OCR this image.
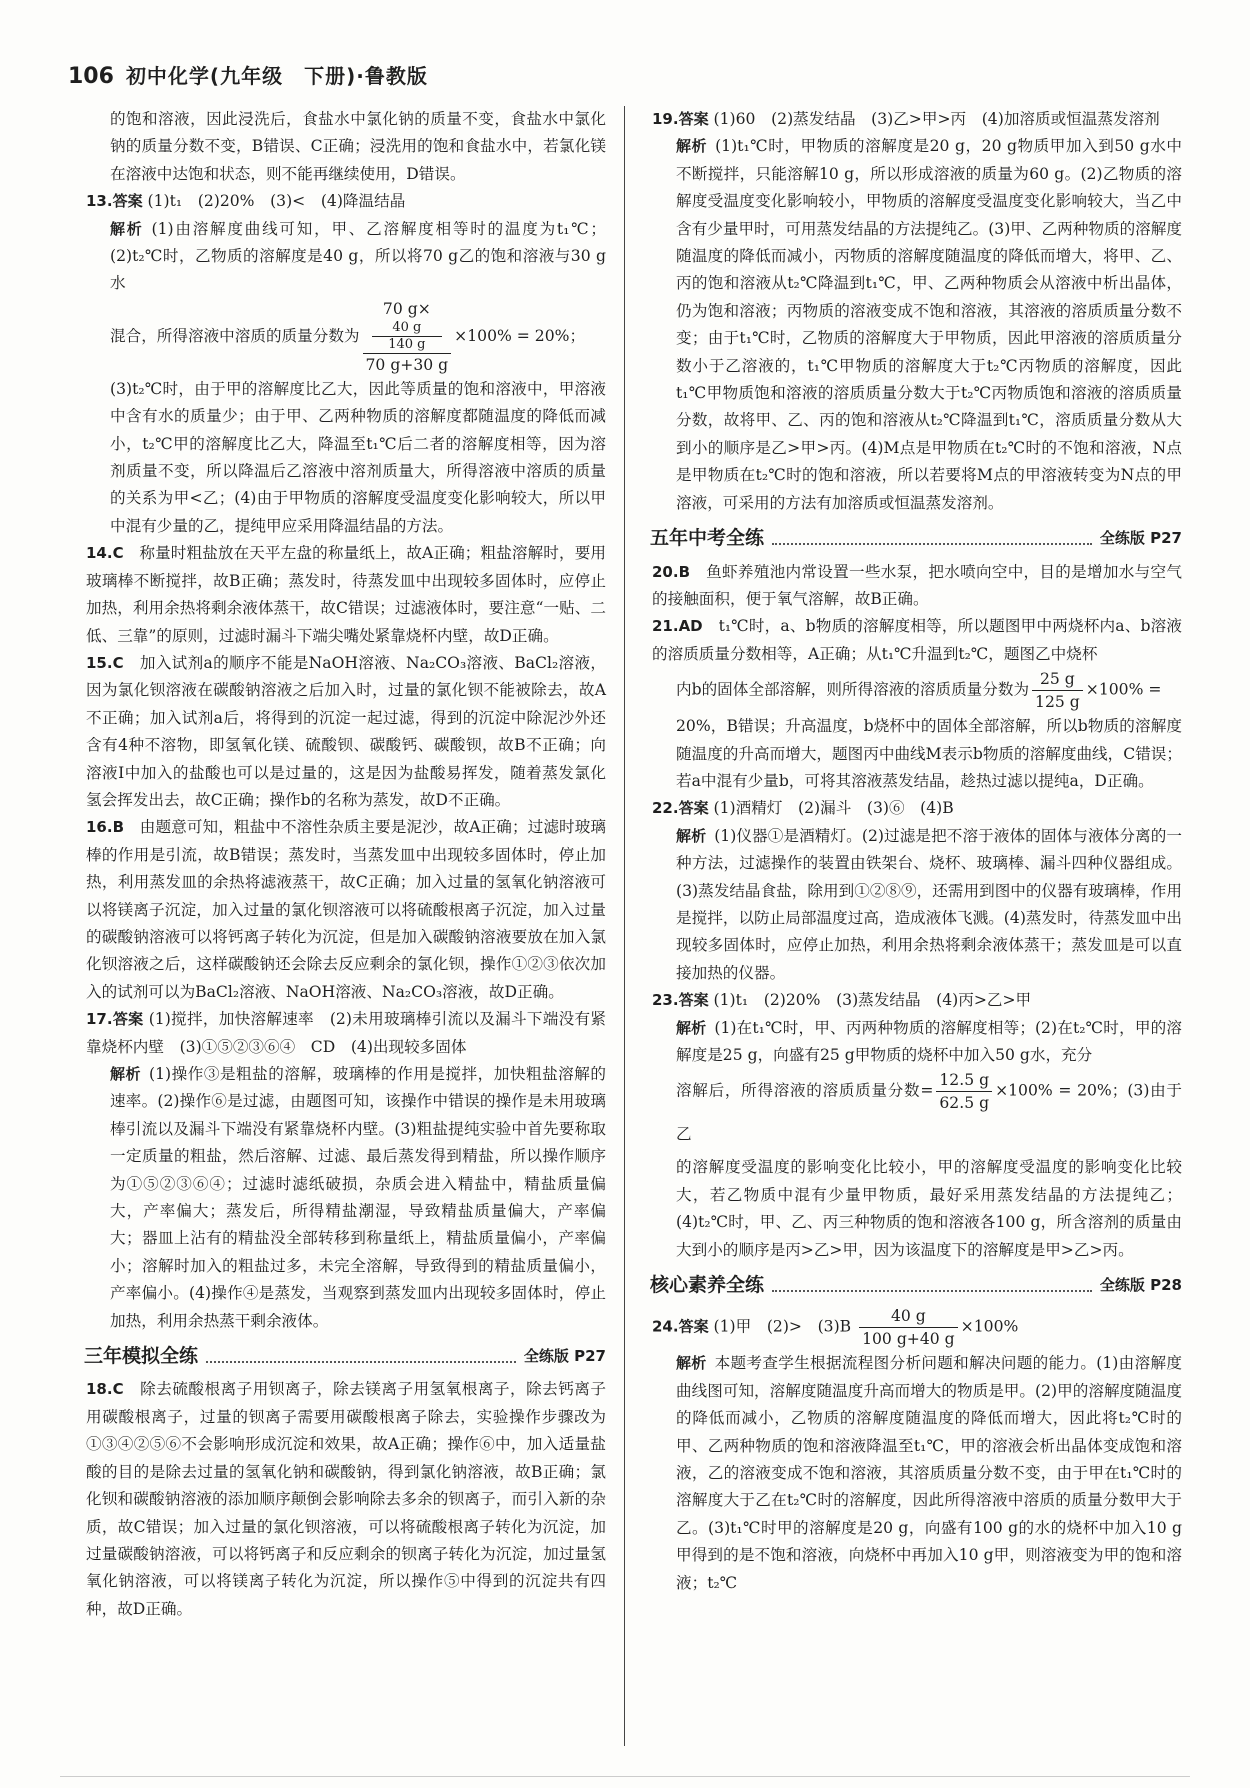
106 初中化学(九年级　下册)·鲁教版

的饱和溶液，因此浸洗后，食盐水中氯化钠的质量不变，食盐水中氯化钠的质量分数不变，B错误、C正确；浸洗用的饱和食盐水中，若氯化镁在溶液中达饱和状态，则不能再继续使用，D错误。

13.答案 (1)t₁　(2)20%　(3)<　(4)降温结晶

解析 (1)由溶解度曲线可知，甲、乙溶解度相等时的温度为t₁℃；(2)t₂℃时，乙物质的溶解度是40 g，所以将70 g乙的饱和溶液与30 g水

混合，所得溶液中溶质的质量分数为 70 g×
40 g
140 g
70 g+30 g ×100% = 20%；

(3)t₂℃时，由于甲的溶解度比乙大，因此等质量的饱和溶液中，甲溶液中含有水的质量少；由于甲、乙两种物质的溶解度都随温度的降低而减小，t₂℃甲的溶解度比乙大，降温至t₁℃后二者的溶解度相等，因为溶剂质量不变，所以降温后乙溶液中溶剂质量大，所得溶液中溶质的质量的关系为甲<乙；(4)由于甲物质的溶解度受温度变化影响较大，所以甲中混有少量的乙，提纯甲应采用降温结晶的方法。

14.C　 称量时粗盐放在天平左盘的称量纸上，故A正确；粗盐溶解时，要用玻璃棒不断搅拌，故B正确；蒸发时，待蒸发皿中出现较多固体时，应停止加热，利用余热将剩余液体蒸干，故C错误；过滤液体时，要注意“一贴、二低、三靠”的原则，过滤时漏斗下端尖嘴处紧靠烧杯内壁，故D正确。

15.C　 加入试剂a的顺序不能是NaOH溶液、Na₂CO₃溶液、BaCl₂溶液，因为氯化钡溶液在碳酸钠溶液之后加入时，过量的氯化钡不能被除去，故A不正确；加入试剂a后，将得到的沉淀一起过滤，得到的沉淀中除泥沙外还含有4种不溶物，即氢氧化镁、硫酸钡、碳酸钙、碳酸钡，故B不正确；向溶液Ⅰ中加入的盐酸也可以是过量的，这是因为盐酸易挥发，随着蒸发氯化氢会挥发出去，故C正确；操作b的名称为蒸发，故D不正确。

16.B　 由题意可知，粗盐中不溶性杂质主要是泥沙，故A正确；过滤时玻璃棒的作用是引流，故B错误；蒸发时，当蒸发皿中出现较多固体时，停止加热，利用蒸发皿的余热将滤液蒸干，故C正确；加入过量的氢氧化钠溶液可以将镁离子沉淀，加入过量的氯化钡溶液可以将硫酸根离子沉淀，加入过量的碳酸钠溶液可以将钙离子转化为沉淀，但是加入碳酸钠溶液要放在加入氯化钡溶液之后，这样碳酸钠还会除去反应剩余的氯化钡，操作①②③依次加入的试剂可以为BaCl₂溶液、NaOH溶液、Na₂CO₃溶液，故D正确。

17.答案 (1)搅拌，加快溶解速率　(2)未用玻璃棒引流以及漏斗下端没有紧靠烧杯内壁　(3)①⑤②③⑥④　CD　(4)出现较多固体

解析 (1)操作③是粗盐的溶解，玻璃棒的作用是搅拌，加快粗盐溶解的速率。(2)操作⑥是过滤，由题图可知，该操作中错误的操作是未用玻璃棒引流以及漏斗下端没有紧靠烧杯内壁。(3)粗盐提纯实验中首先要称取一定质量的粗盐，然后溶解、过滤、最后蒸发得到精盐，所以操作顺序为①⑤②③⑥④；过滤时滤纸破损，杂质会进入精盐中，精盐质量偏大，产率偏大；蒸发后，所得精盐潮湿，导致精盐质量偏大，产率偏大；器皿上沾有的精盐没全部转移到称量纸上，精盐质量偏小，产率偏小；溶解时加入的粗盐过多，未完全溶解，导致得到的精盐质量偏小，产率偏小。(4)操作④是蒸发，当观察到蒸发皿内出现较多固体时，停止加热，利用余热蒸干剩余液体。

三年模拟全练	全练版 P27

18.C　 除去硫酸根离子用钡离子，除去镁离子用氢氧根离子，除去钙离子用碳酸根离子，过量的钡离子需要用碳酸根离子除去，实验操作步骤改为①③④②⑤⑥不会影响形成沉淀和效果，故A正确；操作⑥中，加入适量盐酸的目的是除去过量的氢氧化钠和碳酸钠，得到氯化钠溶液，故B正确；氯化钡和碳酸钠溶液的添加顺序颠倒会影响除去多余的钡离子，而引入新的杂质，故C错误；加入过量的氯化钡溶液，可以将硫酸根离子转化为沉淀，加过量碳酸钠溶液，可以将钙离子和反应剩余的钡离子转化为沉淀，加过量氢氧化钠溶液，可以将镁离子转化为沉淀，所以操作⑤中得到的沉淀共有四种，故D正确。

19.答案 (1)60　(2)蒸发结晶　(3)乙>甲>丙　(4)加溶质或恒温蒸发溶剂

解析 (1)t₁℃时，甲物质的溶解度是20 g，20 g物质甲加入到50 g水中不断搅拌，只能溶解10 g，所以形成溶液的质量为60 g。(2)乙物质的溶解度受温度变化影响较小，甲物质的溶解度受温度变化影响较大，当乙中含有少量甲时，可用蒸发结晶的方法提纯乙。(3)甲、乙两种物质的溶解度随温度的降低而减小，丙物质的溶解度随温度的降低而增大，将甲、乙、丙的饱和溶液从t₂℃降温到t₁℃，甲、乙两种物质会从溶液中析出晶体，仍为饱和溶液；丙物质的溶液变成不饱和溶液，其溶液的溶质质量分数不变；由于t₁℃时，乙物质的溶解度大于甲物质，因此甲溶液的溶质质量分数小于乙溶液的，t₁℃甲物质的溶解度大于t₂℃丙物质的溶解度，因此t₁℃甲物质饱和溶液的溶质质量分数大于t₂℃丙物质饱和溶液的溶质质量分数，故将甲、乙、丙的饱和溶液从t₂℃降温到t₁℃，溶质质量分数从大到小的顺序是乙>甲>丙。(4)M点是甲物质在t₂℃时的不饱和溶液，N点是甲物质在t₂℃时的饱和溶液，所以若要将M点的甲溶液转变为N点的甲溶液，可采用的方法有加溶质或恒温蒸发溶剂。

五年中考全练	全练版 P27

20.B　 鱼虾养殖池内常设置一些水泵，把水喷向空中，目的是增加水与空气的接触面积，便于氧气溶解，故B正确。

21.AD　 t₁℃时，a、b物质的溶解度相等，所以题图甲中两烧杯内a、b溶液的溶质质量分数相等，A正确；从t₁℃升温到t₂℃，题图乙中烧杯

内b的固体全部溶解，则所得溶液的溶质质量分数为 $\frac{25 g}{125 g} \times 100\%$ =

20%，B错误；升高温度，b烧杯中的固体全部溶解，所以b物质的溶解度随温度的升高而增大，题图丙中曲线M表示b物质的溶解度曲线，C错误；若a中混有少量b，可将其溶液蒸发结晶，趁热过滤以提纯a，D正确。

22.答案 (1)酒精灯　(2)漏斗　(3)⑥　(4)B

解析 (1)仪器①是酒精灯。(2)过滤是把不溶于液体的固体与液体分离的一种方法，过滤操作的装置由铁架台、烧杯、玻璃棒、漏斗四种仪器组成。(3)蒸发结晶食盐，除用到①②⑧⑨，还需用到图中的仪器有玻璃棒，作用是搅拌，以防止局部温度过高，造成液体飞溅。(4)蒸发时，待蒸发皿中出现较多固体时，应停止加热，利用余热将剩余液体蒸干；蒸发皿是可以直接加热的仪器。

23.答案 (1)t₁　(2)20%　(3)蒸发结晶　(4)丙>乙>甲

解析 (1)在t₁℃时，甲、丙两种物质的溶解度相等；(2)在t₂℃时，甲的溶解度是25 g，向盛有25 g甲物质的烧杯中加入50 g水，充分

溶解后，所得溶液的溶质质量分数= $\frac{12.5 g}{62.5 g} \times 100\% = 20\%$；(3)由于乙

的溶解度受温度的影响变化比较小，甲的溶解度受温度的影响变化比较大，若乙物质中混有少量甲物质，最好采用蒸发结晶的方法提纯乙；(4)t₂℃时，甲、乙、丙三种物质的饱和溶液各100 g，所含溶剂的质量由大到小的顺序是丙>乙>甲，因为该温度下的溶解度是甲>乙>丙。

核心素养全练	全练版 P28

24.答案 (1)甲　(2)>　$(3)B \frac{40 g}{100 g+40 g} \times 100\%$

解析 本题考查学生根据流程图分析问题和解决问题的能力。(1)由溶解度曲线图可知，溶解度随温度升高而增大的物质是甲。(2)甲的溶解度随温度的降低而减小，乙物质的溶解度随温度的降低而增大，因此将t₂℃时的甲、乙两种物质的饱和溶液降温至t₁℃，甲的溶液会析出晶体变成饱和溶液，乙的溶液变成不饱和溶液，其溶质质量分数不变，由于甲在t₁℃时的溶解度大于乙在t₂℃时的溶解度，因此所得溶液中溶质的质量分数甲大于乙。(3)t₁℃时甲的溶解度是20 g，向盛有100 g的水的烧杯中加入10 g甲得到的是不饱和溶液，向烧杯中再加入10 g甲，则溶液变为甲的饱和溶液；t₂℃
